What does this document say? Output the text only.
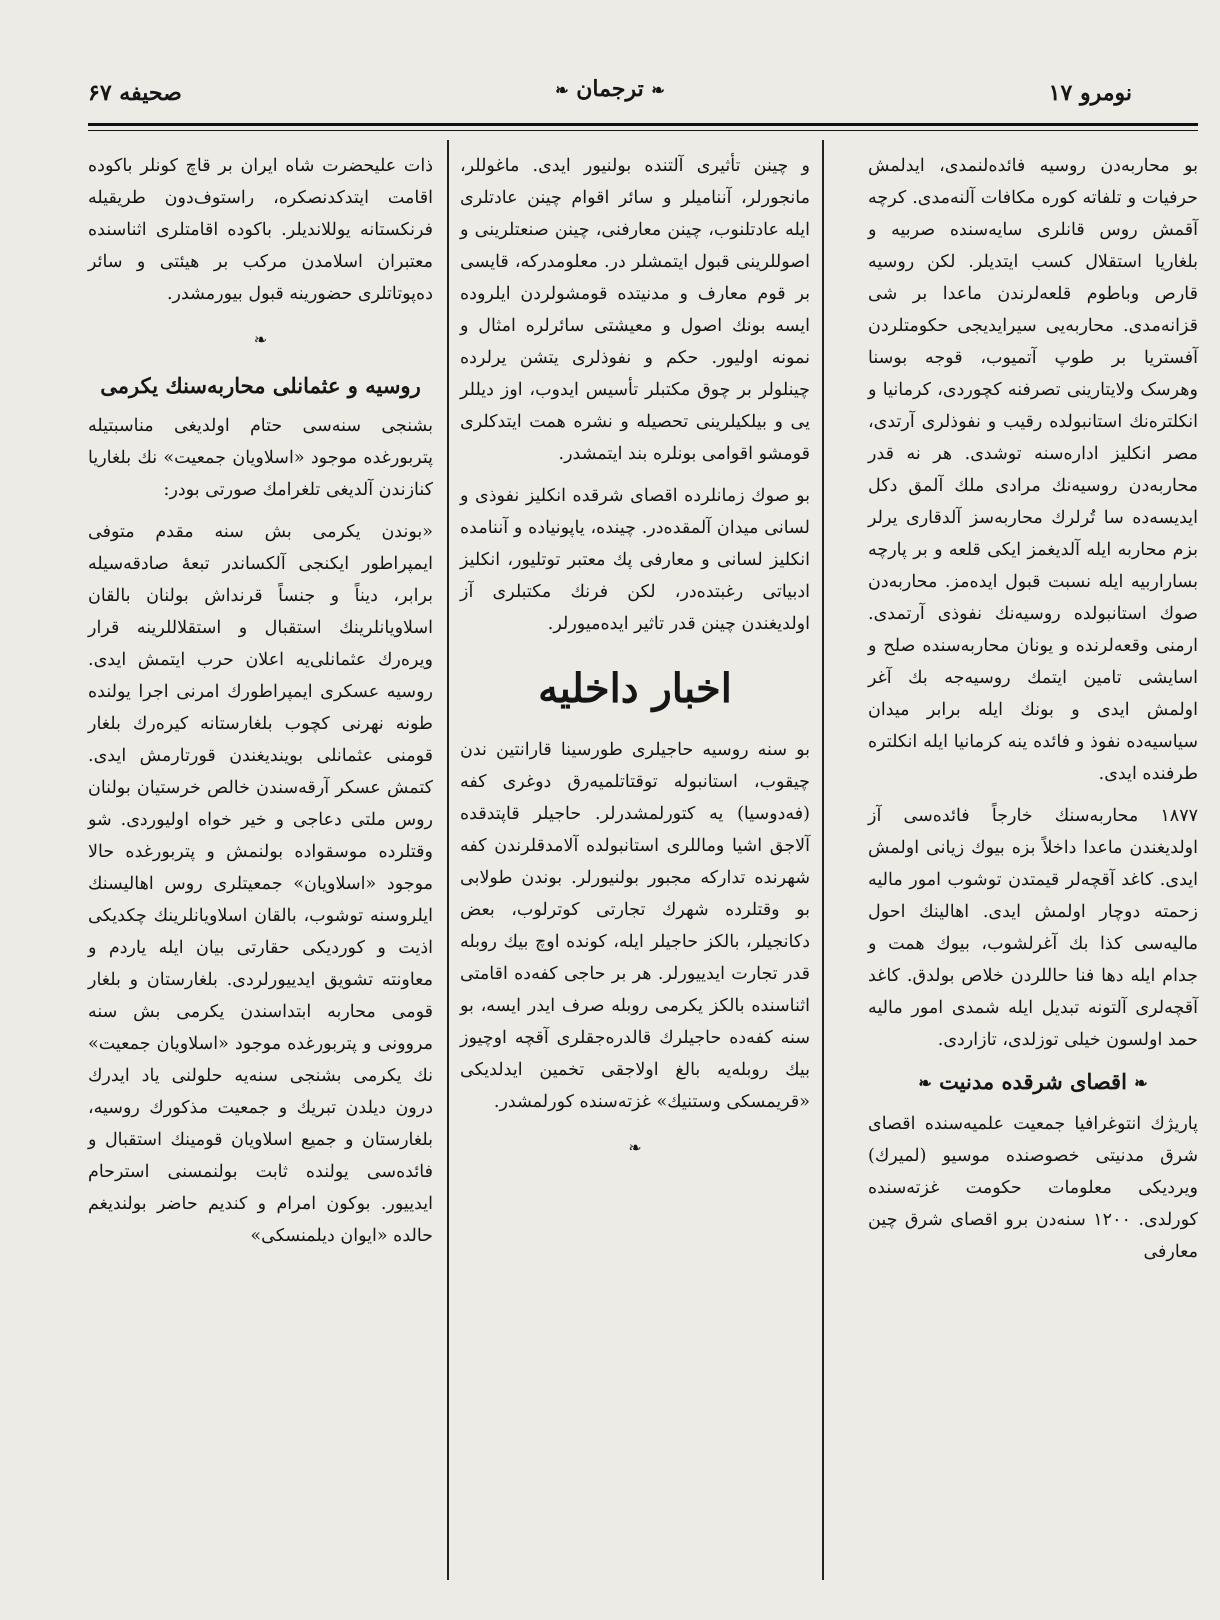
صحیفه ۶۷	❧ ترجمان ❧	نومرو ۱۷

بو محاربه‌دن روسیه فائده‌لنمدی، ایدلمش حرفیات و تلفاته کوره مکافات آلنه‌مدی. کرچه آقمش روس قانلری سایه‌سنده صربیه و بلغاریا استقلال کسب ایتدیلر. لکن روسیه قارص وباطوم قلعه‌لرندن ماعدا بر شی قزانه‌مدی. محاربه‌یی سیرایدیجی حکومتلردن آفستریا بر طوپ آتمیوب، قوجه بوسنا وهرسک ولایتارینی تصرفنه کچوردی، کرمانیا و انکلتره‌نك استانبولده رقیب و نفوذلری آرتدی، مصر انکلیز اداره‌سنه توشدی. هر نه قدر محاربه‌دن روسیه‌نك مرادی ملك آلمق دکل ایدیسه‌ده سا تُرلرك محاربه‌سز آلدقاری یرلر بزم محاربه ایله آلدیغمز ایکی قلعه و بر پارچه بساراربیه ایله نسبت قبول ایده‌مز. محاربه‌دن صوك استانبولده روسیه‌نك نفوذی آرتمدی. ارمنی وقعه‌لرنده و یونان محاربه‌سنده صلح و اسایشی تامین ایتمك روسیه‌جه بك آغر اولمش ایدی و بونك ایله برابر میدان سیاسیه‌ده نفوذ و فائده ینه کرمانیا ایله انکلتره طرفنده ایدی.

۱۸۷۷ محاربه‌سنك خارجاً فائده‌سی آز اولدیغندن ماعدا داخلاً بزه بیوك زیانی اولمش ایدی. کاغد آقچه‌لر قیمتدن توشوب امور مالیه زحمته دوچار اولمش ایدی. اهالینك احول مالیه‌سی کذا بك آغرلشوب، بیوك همت و جدام ایله دها فنا حاللردن خلاص بولدق. کاغد آقچه‌لری آلتونه تبدیل ایله شمدی امور مالیه حمد اولسون خیلی توزلدی، تازاردی.

❧ اقصای شرقده مدنیت ❧

پاریژك انتوغرافیا جمعیت علمیه‌سنده اقصای شرق مدنیتی خصوصنده موسیو (لمیرك) ویردیکی معلومات حکومت غزته‌سنده کورلدی. ۱۲۰۰ سنه‌دن برو اقصای شرق چین معارفی

و چینن تأثیری آلتنده بولنیور ایدی. ماغوللر، مانجورلر، آننامیلر و سائر اقوام چینن عادتلری ایله عادتلنوب، چینن معارفنی، چینن صنعتلرینی و اصوللرینی قبول ایتمشلر در. معلومدرکه، قایسی بر قوم معارف و مدنیتده قومشولردن ایلروده ایسه بونك اصول و معیشتی سائرلره امثال و نمونه اولیور. حکم و نفوذلری یتشن یرلرده چینلولر بر چوق مکتبلر تأسیس ایدوب، اوز دیللر یی و بیلکیلرینی تحصیله و نشره همت ایتدکلری قومشو اقوامی بونلره بند ایتمشدر.

بو صوك زمانلرده اقصای شرقده انکلیز نفوذی و لسانی میدان آلمقده‌در. چینده، یاپونیاده و آننامده انکلیز لسانی و معارفی پك معتبر توتلیور، انکلیز ادبیاتی رغبتده‌در، لکن فرنك مکتبلری آز اولدیغندن چینن قدر تاثیر ایده‌میورلر.

اخبار داخلیه

بو سنه روسیه حاجیلری طورسینا قارانتین ندن چیقوب، استانبوله توقتاتلمیه‌رق دوغری کفه (فه‌دوسیا) یه کتورلمشدرلر. حاجیلر قاپتدقده آلاجق اشیا وماللری استانبولده آلامدقلرندن کفه شهرنده تدارکه مجبور بولنیورلر. بوندن طولابی بو وقتلرده شهرك تجارتی کوترلوب، بعض دکانجیلر، بالکز حاجیلر ایله، کونده اوچ بیك روبله قدر تجارت ایدییورلر. هر بر حاجی کفه‌ده اقامتی اثناسنده بالکز یکرمی روبله صرف ایدر ایسه، بو سنه کفه‌ده حاجیلرك قالدره‌جقلری آقچه اوچیوز بیك روبله‌یه بالغ اولاجقی تخمین ایدلدیکی «قریمسکی وستنیك» غزته‌سنده کورلمشدر.

❧

ذات علیحضرت شاه ایران بر قاچ کونلر باکوده اقامت ایتدکدنصکره، راستوف‌دون طریقیله فرنکستانه یوللاندیلر. باکوده اقامتلری اثناسنده معتبران اسلامدن مرکب بر هیئتی و سائر ده‌پوتاتلری حضورینه قبول بیورمشدر.

❧
روسیه و عثمانلی محاربه‌سنك یکرمی

بشنجی سنه‌سی حتام اولدیغی مناسبتیله پتربورغده موجود «اسلاویان جمعیت» نك بلغاریا کنازندن آلدیغی تلغرامك صورتی بودر:

«بوندن یکرمی بش سنه مقدم متوفی ایمپراطور ایکنجی آلکساندر تبعهٔ صادقه‌سیله برابر، دیناً و جنساً قرنداش بولنان بالقان اسلاویانلرینك استقبال و استقلاللرینه قرار ویره‌رك عثمانلی‌یه اعلان حرب ایتمش ایدی. روسیه عسکری ایمپراطورك امرنی اجرا یولنده طونه نهرنی کچوب بلغارستانه کیره‌رك بلغار قومنی عثمانلی بویندیغندن قورتارمش ایدی. کتمش عسکر آرقه‌سندن خالص خرستیان بولنان روس ملتی دعاجی و خیر خواه اولیوردی. شو وقتلرده موسقواده بولنمش و پتربورغده حالا موجود «اسلاویان» جمعیتلری روس اهالیسنك ایلروسنه توشوب، بالقان اسلاویانلرینك چکدیکی اذیت و کوردیکی حقارتی بیان ایله یاردم و معاونته تشویق ایدییورلردی. بلغارستان و بلغار قومی محاربه ابتداسندن یکرمی بش سنه مروونی و پتربورغده موجود «اسلاویان جمعیت» نك یکرمی بشنجی سنه‌یه حلولنی یاد ایدرك درون دیلدن تبریك و جمعیت مذکورك روسیه، بلغارستان و جمیع اسلاویان قومینك استقبال و فائده‌سی یولنده ثابت بولنمسنی استرحام ایدییور. بوکون امرام و کندیم حاضر بولندیغم حالده «ایوان دیلمنسکی»
